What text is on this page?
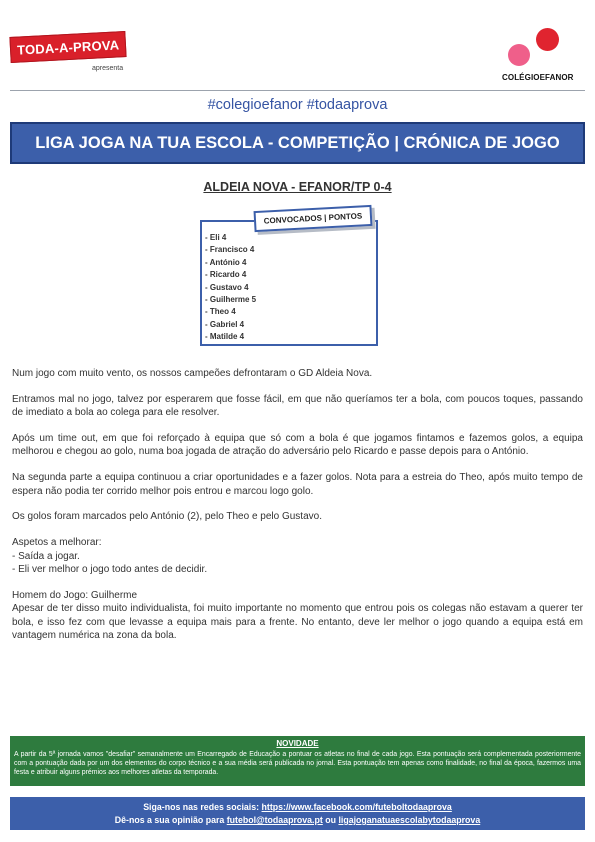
TODA-A-PROVA
apresenta
COLÉGIOEFANOR
#colegioefanor #todaaprova
LIGA JOGA NA TUA ESCOLA - COMPETIÇÃO | CRÓNICA DE JOGO
ALDEIA NOVA - EFANOR/TP 0-4
CONVOCADOS | PONTOS
- Eli 4
- Francisco 4
- António 4
- Ricardo 4
- Gustavo 4
- Guilherme 5
- Theo 4
- Gabriel 4
- Matilde 4

Num jogo com muito vento, os nossos campeões defrontaram o GD Aldeia Nova.

Entramos mal no jogo, talvez por esperarem que fosse fácil, em que não queríamos ter a bola, com poucos toques, passando de imediato a bola ao colega para ele resolver.

Após um time out, em que foi reforçado à equipa que só com a bola é que jogamos fintamos e fazemos golos, a equipa melhorou e chegou ao golo, numa boa jogada de atração do adversário pelo Ricardo e passe depois para o António.

Na segunda parte a equipa continuou a criar oportunidades e a fazer golos. Nota para a estreia do Theo, após muito tempo de espera não podia ter corrido melhor pois entrou e marcou logo golo.

Os golos foram marcados pelo António (2), pelo Theo e pelo Gustavo.

Aspetos a melhorar:

- Saída a jogar.

- Eli ver melhor o jogo todo antes de decidir.

Homem do Jogo: Guilherme

Apesar de ter disso muito individualista, foi muito importante no momento que entrou pois os colegas não estavam a querer ter bola, e isso fez com que levasse a equipa mais para a frente. No entanto, deve ler melhor o jogo quando a equipa está em vantagem numérica na zona da bola.

NOVIDADE
A partir da 5ª jornada vamos "desafiar" semanalmente um Encarregado de Educação a pontuar os atletas no final de cada jogo. Esta pontuação será complementada posteriormente com a pontuação dada por um dos elementos do corpo técnico e a sua média será publicada no jornal. Esta pontuação tem apenas como finalidade, no final da época, fazermos uma festa e atribuir alguns prémios aos melhores atletas da temporada.
Siga-nos nas redes sociais: https://www.facebook.com/futeboltodaaprova
Dê-nos a sua opinião para futebol@todaaprova.pt ou ligajoganatuaescolabytodaaprova
